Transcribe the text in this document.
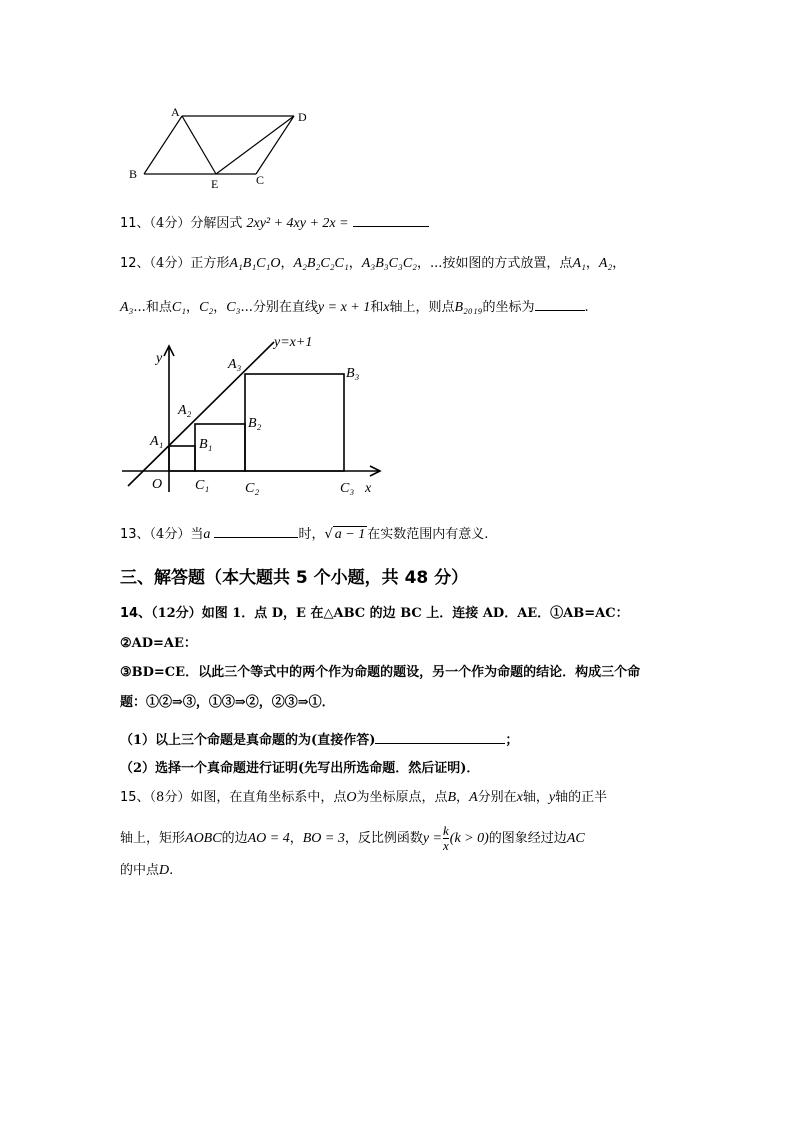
A	D
B
E	C
11、（4分）分解因式 2xy² + 4xy + 2x =
12、（4分）正方形A₁B₁C₁O，A₂B₂C₂C₁，A₃B₃C₃C₂，...按如图的方式放置，点A₁，A₂，
A₃...和点C₁，C₂，C₃...分别在直线y = x + 1和x轴上，则点B₂₀₁₉的坐标为	.
y=x+1
y
x
O
A₁
A₂
A₃
B₁
B₂
B₃
C₁	C₂	C₃
13、（4分）当a	时，√ a − 1 在实数范围内有意义.
三、解答题（本大题共 5 个小题，共 48 分）
14、（12分）如图 1．点 D，E 在△ABC 的边 BC 上．连接 AD．AE．①AB=AC：
②AD=AE：
③BD=CE．以此三个等式中的两个作为命题的题设，另一个作为命题的结论．构成三个命
题：①②⇒③，①③⇒②，②③⇒①．
（1）以上三个命题是真命题的为(直接作答)	；
（2）选择一个真命题进行证明(先写出所选命题．然后证明)．
15、（8分）如图，在直角坐标系中，点O为坐标原点，点B，A分别在x轴，y轴的正半
轴上，矩形AOBC的边AO = 4，BO = 3，反比例函数$y = \frac{k}{x} (k > 0)$的图象经过边AC
的中点D.
